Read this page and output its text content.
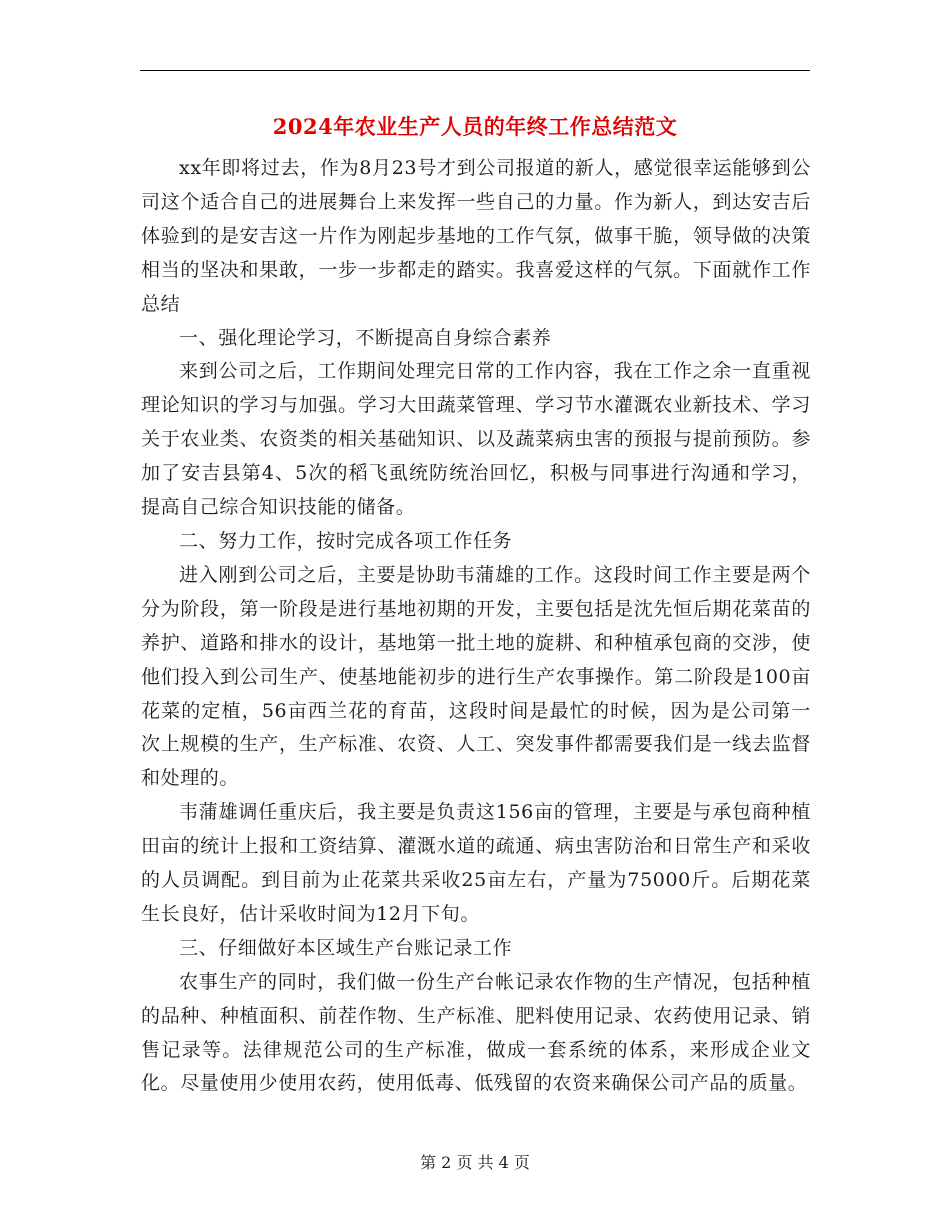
2024年农业生产人员的年终工作总结范文

xx年即将过去，作为8月23号才到公司报道的新人，感觉很幸运能够到公司这个适合自己的进展舞台上来发挥一些自己的力量。作为新人，到达安吉后体验到的是安吉这一片作为刚起步基地的工作气氛，做事干脆，领导做的决策相当的坚决和果敢，一步一步都走的踏实。我喜爱这样的气氛。下面就作工作总结

一、强化理论学习，不断提高自身综合素养

来到公司之后，工作期间处理完日常的工作内容，我在工作之余一直重视理论知识的学习与加强。学习大田蔬菜管理、学习节水灌溉农业新技术、学习关于农业类、农资类的相关基础知识、以及蔬菜病虫害的预报与提前预防。参加了安吉县第4、5次的稻飞虱统防统治回忆，积极与同事进行沟通和学习，提高自己综合知识技能的储备。

二、努力工作，按时完成各项工作任务

进入刚到公司之后，主要是协助韦蒲雄的工作。这段时间工作主要是两个分为阶段，第一阶段是进行基地初期的开发，主要包括是沈先恒后期花菜苗的养护、道路和排水的设计，基地第一批土地的旋耕、和种植承包商的交涉，使他们投入到公司生产、使基地能初步的进行生产农事操作。第二阶段是100亩花菜的定植，56亩西兰花的育苗，这段时间是最忙的时候，因为是公司第一次上规模的生产，生产标准、农资、人工、突发事件都需要我们是一线去监督和处理的。

韦蒲雄调任重庆后，我主要是负责这156亩的管理，主要是与承包商种植田亩的统计上报和工资结算、灌溉水道的疏通、病虫害防治和日常生产和采收的人员调配。到目前为止花菜共采收25亩左右，产量为75000斤。后期花菜生长良好，估计采收时间为12月下旬。

三、仔细做好本区域生产台账记录工作

农事生产的同时，我们做一份生产台帐记录农作物的生产情况，包括种植的品种、种植面积、前茬作物、生产标准、肥料使用记录、农药使用记录、销售记录等。法律规范公司的生产标准，做成一套系统的体系，来形成企业文化。尽量使用少使用农药，使用低毒、低残留的农资来确保公司产品的质量。

第 2 页 共 4 页
